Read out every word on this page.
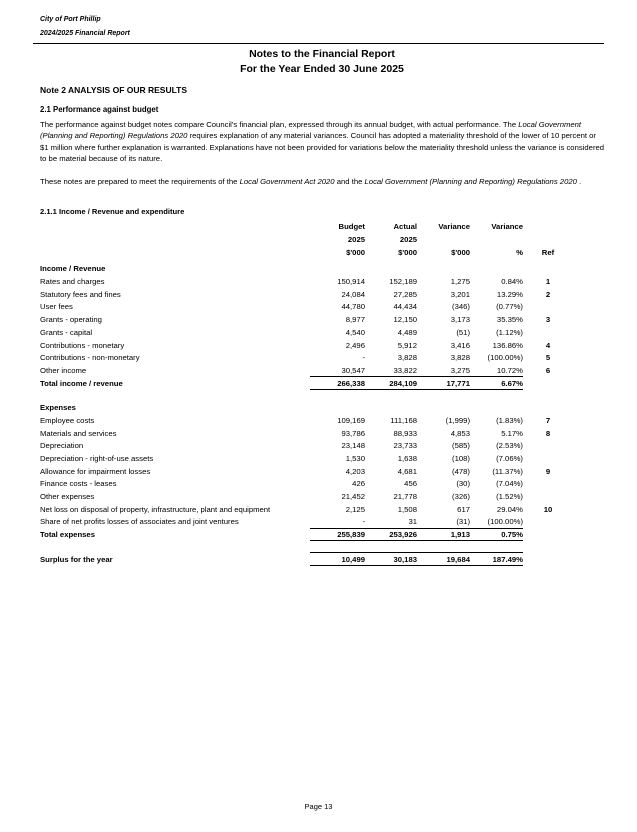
City of Port Phillip
2024/2025 Financial Report
Notes to the Financial Report
For the Year Ended 30 June 2025
Note 2 ANALYSIS OF OUR RESULTS
2.1 Performance against budget
The performance against budget notes compare Council's financial plan, expressed through its annual budget, with actual performance. The Local Government (Planning and Reporting) Regulations 2020 requires explanation of any material variances. Council has adopted a materiality threshold of the lower of 10 percent or $1 million where further explanation is warranted. Explanations have not been provided for variations below the materiality threshold unless the variance is considered to be material because of its nature.
These notes are prepared to meet the requirements of the Local Government Act 2020 and the Local Government (Planning and Reporting) Regulations 2020 .
2.1.1 Income / Revenue and expenditure
	Budget	Actual	Variance	Variance	
	2025	2025			
	$'000	$'000	$'000	%	Ref

Income / Revenue					
Rates and charges	150,914	152,189	1,275	0.84%	1
Statutory fees and fines	24,084	27,285	3,201	13.29%	2
User fees	44,780	44,434	(346)	(0.77%)	
Grants - operating	8,977	12,150	3,173	35.35%	3
Grants - capital	4,540	4,489	(51)	(1.12%)	
Contributions - monetary	2,496	5,912	3,416	136.86%	4
Contributions - non-monetary	-	3,828	3,828	(100.00%)	5
Other income	30,547	33,822	3,275	10.72%	6
Total income / revenue	266,338	284,109	17,771	6.67%	

Expenses					
Employee costs	109,169	111,168	(1,999)	(1.83%)	7
Materials and services	93,786	88,933	4,853	5.17%	8
Depreciation	23,148	23,733	(585)	(2.53%)	
Depreciation - right-of-use assets	1,530	1,638	(108)	(7.06%)	
Allowance for impairment losses	4,203	4,681	(478)	(11.37%)	9
Finance costs - leases	426	456	(30)	(7.04%)	
Other expenses	21,452	21,778	(326)	(1.52%)	
Net loss on disposal of property, infrastructure, plant and equipment	2,125	1,508	617	29.04%	10
Share of net profits losses of associates and joint ventures	-	31	(31)	(100.00%)	
Total expenses	255,839	253,926	1,913	0.75%	

Surplus for the year	10,499	30,183	19,684	187.49%	
Page 13
